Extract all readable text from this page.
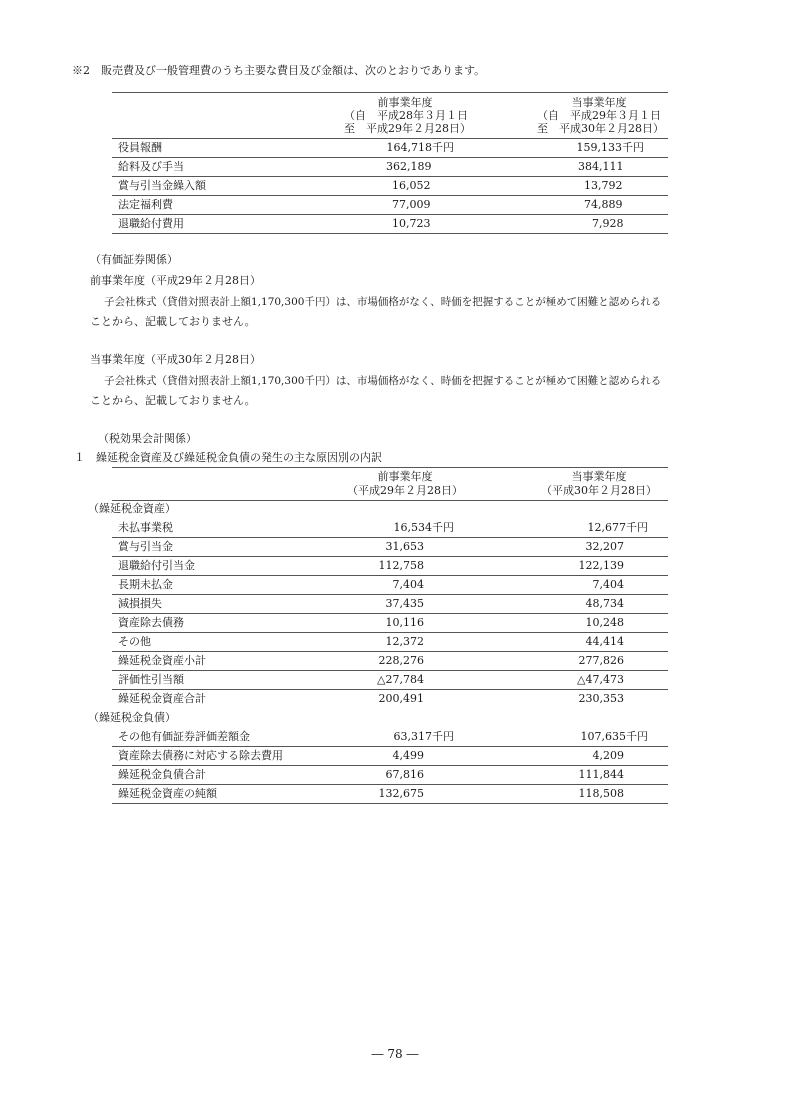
※2　販売費及び一般管理費のうち主要な費目及び金額は、次のとおりであります。
前事業年度
（自　平成28年３月１日
至　平成29年２月28日）
当事業年度
（自　平成29年３月１日
至　平成30年２月28日）
役員報酬	164,718千円	159,133千円
給料及び手当	362,189	384,111
賞与引当金繰入額	16,052	13,792
法定福利費	77,009	74,889
退職給付費用	10,723	7,928
（有価証券関係）
前事業年度（平成29年２月28日）
子会社株式（貸借対照表計上額1,170,300千円）は、市場価格がなく、時価を把握することが極めて困難と認められる
ことから、記載しておりません。
当事業年度（平成30年２月28日）
子会社株式（貸借対照表計上額1,170,300千円）は、市場価格がなく、時価を把握することが極めて困難と認められる
ことから、記載しておりません。
（税効果会計関係）
１　繰延税金資産及び繰延税金負債の発生の主な原因別の内訳
前事業年度
（平成29年２月28日）
当事業年度
（平成30年２月28日）
（繰延税金資産）
未払事業税	16,534千円	12,677千円
賞与引当金	31,653	32,207
退職給付引当金	112,758	122,139
長期未払金	7,404	7,404
減損損失	37,435	48,734
資産除去債務	10,116	10,248
その他	12,372	44,414
繰延税金資産小計	228,276	277,826
評価性引当額	△27,784	△47,473
繰延税金資産合計	200,491	230,353
（繰延税金負債）
その他有価証券評価差額金	63,317千円	107,635千円
資産除去債務に対応する除去費用	4,499	4,209
繰延税金負債合計	67,816	111,844
繰延税金資産の純額	132,675	118,508
― 78 ―
